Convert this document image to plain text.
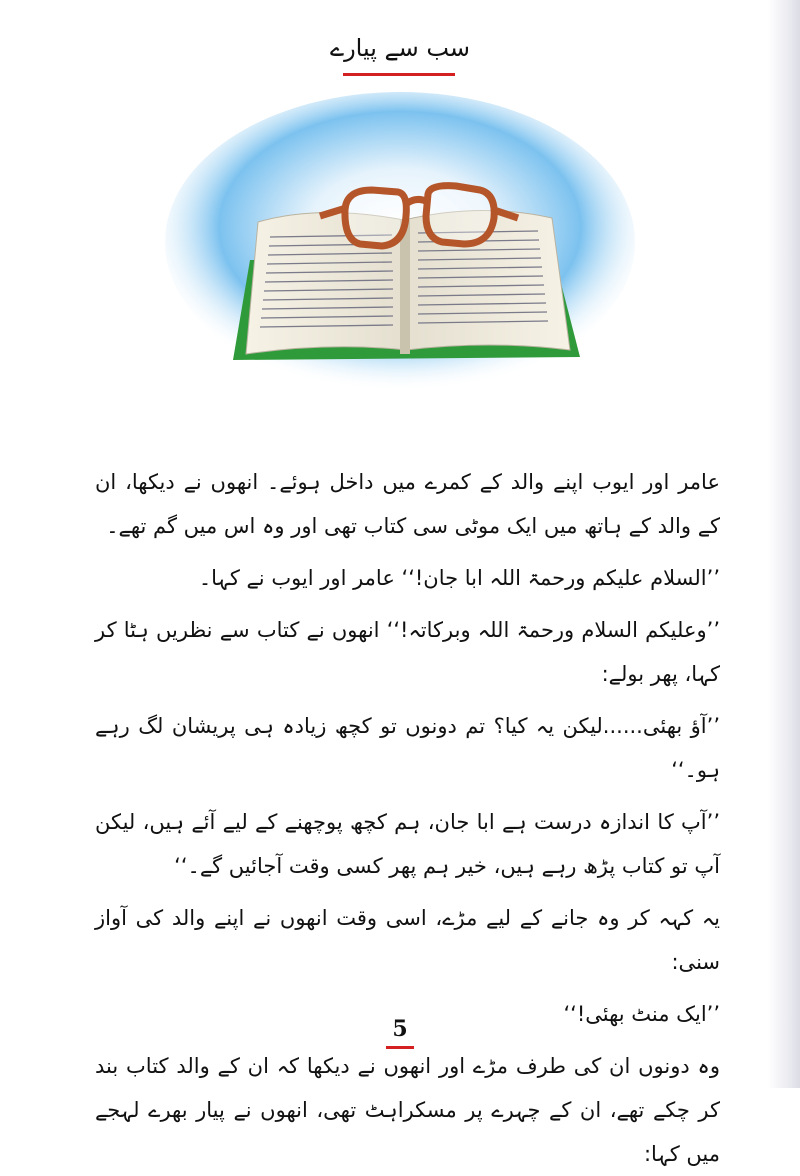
سب سے پیارے

عامر اور ایوب اپنے والد کے کمرے میں داخل ہوئے۔ انھوں نے دیکھا، ان کے والد کے ہاتھ میں ایک موٹی سی کتاب تھی اور وہ اس میں گم تھے۔

’’السلام علیکم ورحمۃ اللہ ابا جان!‘‘ عامر اور ایوب نے کہا۔

’’وعلیکم السلام ورحمۃ اللہ وبرکاتہ!‘‘ انھوں نے کتاب سے نظریں ہٹا کر کہا، پھر بولے:

’’آؤ بھئی......لیکن یہ کیا؟ تم دونوں تو کچھ زیادہ ہی پریشان لگ رہے ہو۔‘‘

’’آپ کا اندازہ درست ہے ابا جان، ہم کچھ پوچھنے کے لیے آئے ہیں، لیکن آپ تو کتاب پڑھ رہے ہیں، خیر ہم پھر کسی وقت آجائیں گے۔‘‘

یہ کہہ کر وہ جانے کے لیے مڑے، اسی وقت انھوں نے اپنے والد کی آواز سنی:

’’ایک منٹ بھئی!‘‘

وہ دونوں ان کی طرف مڑے اور انھوں نے دیکھا کہ ان کے والد کتاب بند کر چکے تھے، ان کے چہرے پر مسکراہٹ تھی، انھوں نے پیار بھرے لہجے میں کہا:

5
